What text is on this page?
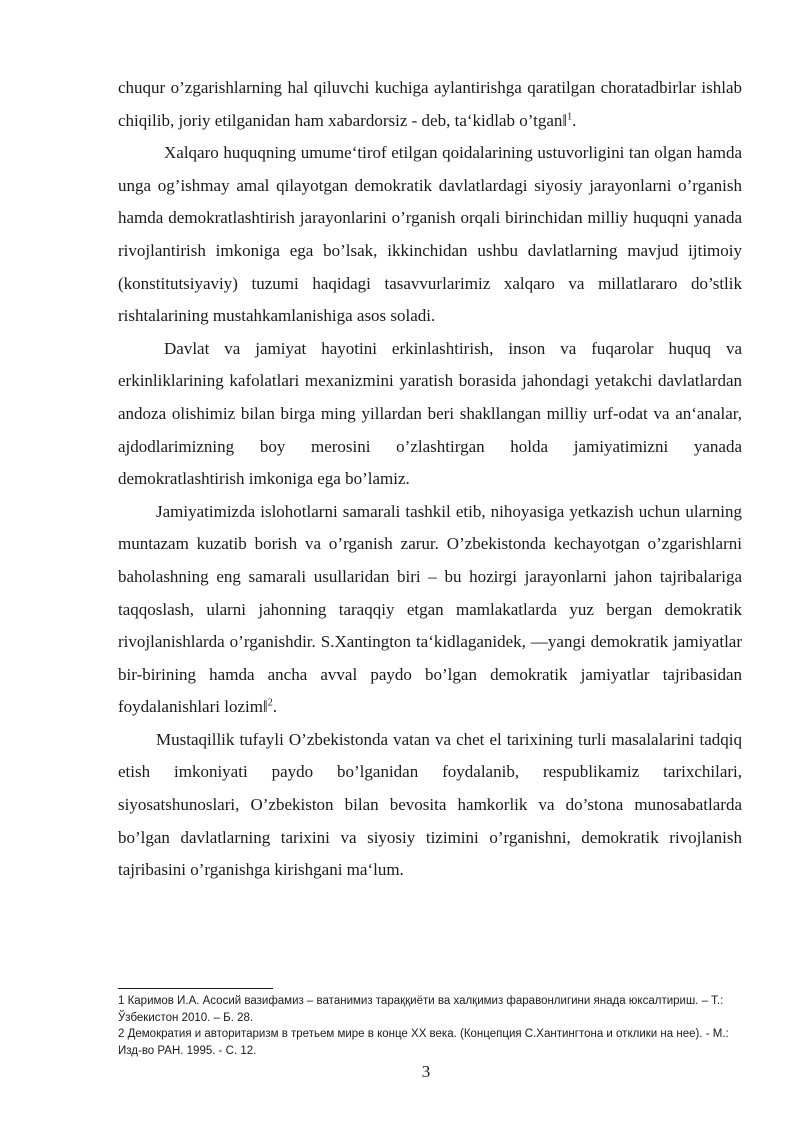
chuqur o’zgarishlarning hal qiluvchi kuchiga aylantirishga qaratilgan choratadbirlar ishlab chiqilib, joriy etilganidan ham xabardorsiz - deb, ta‘kidlab o’tgan‖$^1$.

Xalqaro huquqning umume‘tirof etilgan qoidalarining ustuvorligini tan olgan hamda unga og’ishmay amal qilayotgan demokratik davlatlardagi siyosiy jarayonlarni o’rganish hamda demokratlashtirish jarayonlarini o’rganish orqali birinchidan milliy huquqni yanada rivojlantirish imkoniga ega bo’lsak, ikkinchidan ushbu davlatlarning mavjud ijtimoiy (konstitutsiyaviy) tuzumi haqidagi tasavvurlarimiz xalqaro va millatlararo do’stlik rishtalarining mustahkamlanishiga asos soladi.

Davlat va jamiyat hayotini erkinlashtirish, inson va fuqarolar huquq va erkinliklarining kafolatlari mexanizmini yaratish borasida jahondagi yetakchi davlatlardan andoza olishimiz bilan birga ming yillardan beri shakllangan milliy urf-odat va an‘analar, ajdodlarimizning boy merosini o’zlashtirgan holda jamiyatimizni yanada demokratlashtirish imkoniga ega bo’lamiz.

Jamiyatimizda islohotlarni samarali tashkil etib, nihoyasiga yetkazish uchun ularning muntazam kuzatib borish va o’rganish zarur. O’zbekistonda kechayotgan o’zgarishlarni baholashning eng samarali usullaridan biri – bu hozirgi jarayonlarni jahon tajribalariga taqqoslash, ularni jahonning taraqqiy etgan mamlakatlarda yuz bergan demokratik rivojlanishlarda o’rganishdir. S.Xantington ta‘kidlaganidek, ―yangi demokratik jamiyatlar bir-birining hamda ancha avval paydo bo’lgan demokratik jamiyatlar tajribasidan foydalanishlari lozim‖$^2$.

Mustaqillik tufayli O’zbekistonda vatan va chet el tarixining turli masalalarini tadqiq etish imkoniyati paydo bo’lganidan foydalanib, respublikamiz tarixchilari, siyosatshunoslari, O’zbekiston bilan bevosita hamkorlik va do’stona munosabatlarda bo’lgan davlatlarning tarixini va siyosiy tizimini o’rganishni, demokratik rivojlanish tajribasini o’rganishga kirishgani ma‘lum.

1 Каримов И.А. Асосий вазифамиз – ватанимиз тараққиёти ва халқимиз фаравонлигини янада юксалтириш. – Т.: Ўзбекистон 2010. – Б. 28.

2 Демократия и авторитаризм в третьем мире в конце ХХ века. (Концепция С.Хантингтона и отклики на нее). - М.: Изд-во РАН. 1995. - С. 12.

3
